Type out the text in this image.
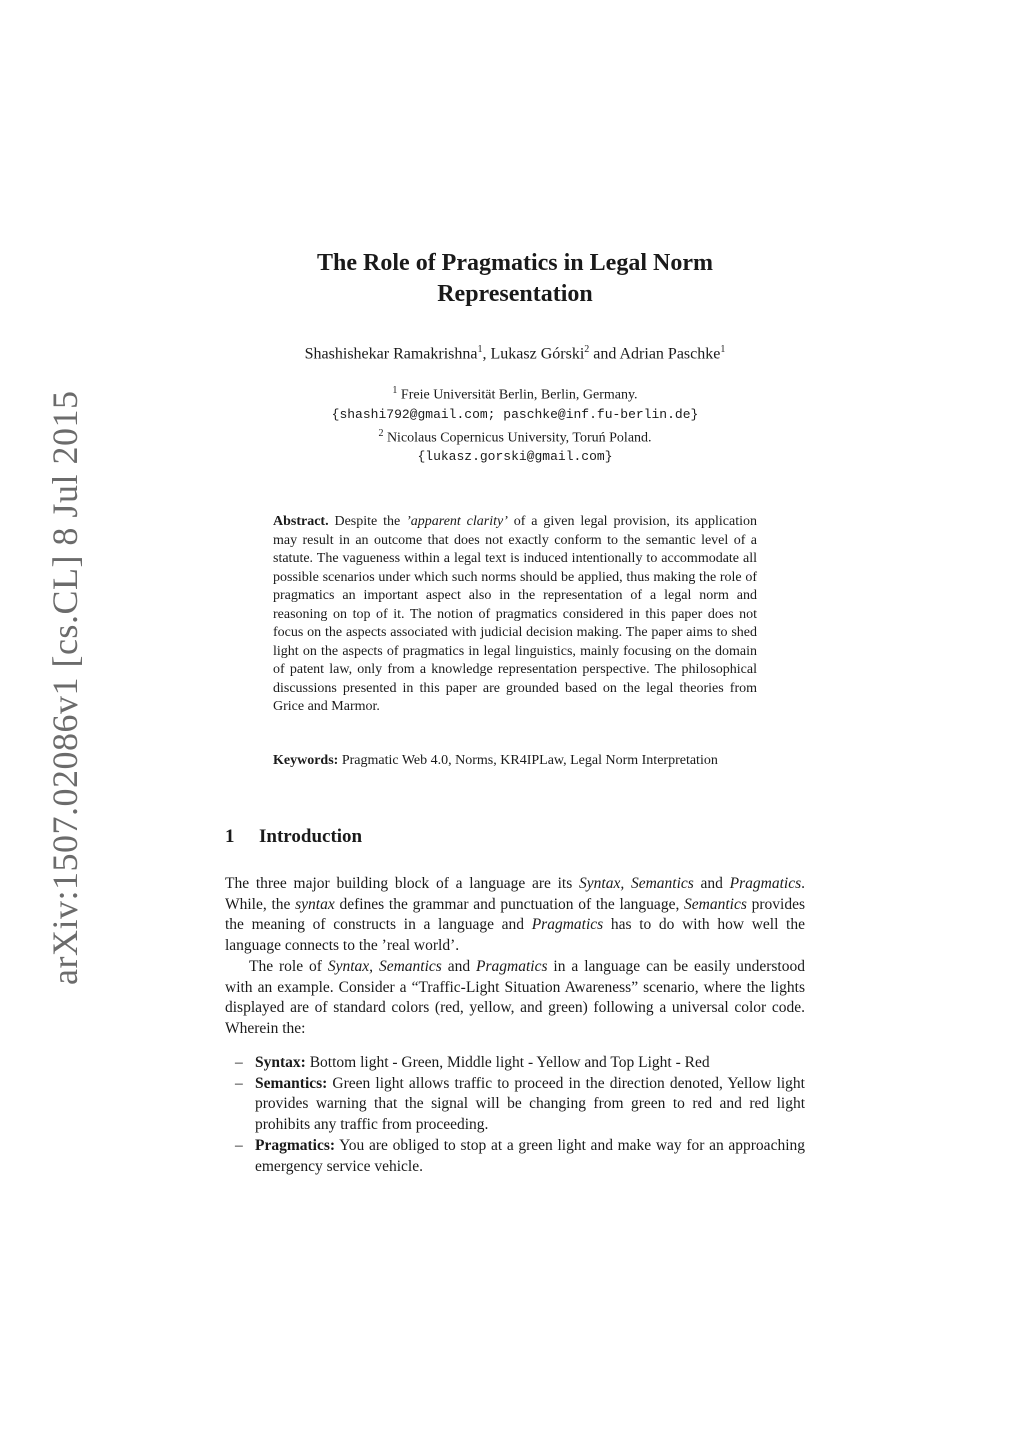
arXiv:1507.02086v1 [cs.CL] 8 Jul 2015
The Role of Pragmatics in Legal Norm
Representation
Shashishekar Ramakrishna$^1$, Lukasz Górski$^2$ and Adrian Paschke$^1$
$^1$ Freie Universität Berlin, Berlin, Germany.
{shashi792@gmail.com; paschke@inf.fu-berlin.de}
$^2$ Nicolaus Copernicus University, Toruń Poland.
{lukasz.gorski@gmail.com}
Abstract. Despite the ’apparent clarity’ of a given legal provision, its application may result in an outcome that does not exactly conform to the semantic level of a statute. The vagueness within a legal text is induced intentionally to accommodate all possible scenarios under which such norms should be applied, thus making the role of pragmatics an important aspect also in the representation of a legal norm and reasoning on top of it. The notion of pragmatics considered in this paper does not focus on the aspects associated with judicial decision making. The paper aims to shed light on the aspects of pragmatics in legal linguistics, mainly focusing on the domain of patent law, only from a knowledge representation perspective. The philosophical discussions presented in this paper are grounded based on the legal theories from Grice and Marmor.
Keywords: Pragmatic Web 4.0, Norms, KR4IPLaw, Legal Norm Interpretation
1 Introduction

The three major building block of a language are its Syntax, Semantics and Pragmatics. While, the syntax defines the grammar and punctuation of the language, Semantics provides the meaning of constructs in a language and Pragmatics has to do with how well the language connects to the ’real world’.

The role of Syntax, Semantics and Pragmatics in a language can be easily understood with an example. Consider a “Traffic-Light Situation Awareness” scenario, where the lights displayed are of standard colors (red, yellow, and green) following a universal color code. Wherein the:

– Syntax: Bottom light - Green, Middle light - Yellow and Top Light - Red
– Semantics: Green light allows traffic to proceed in the direction denoted, Yellow light provides warning that the signal will be changing from green to red and red light prohibits any traffic from proceeding.
– Pragmatics: You are obliged to stop at a green light and make way for an approaching emergency service vehicle.
